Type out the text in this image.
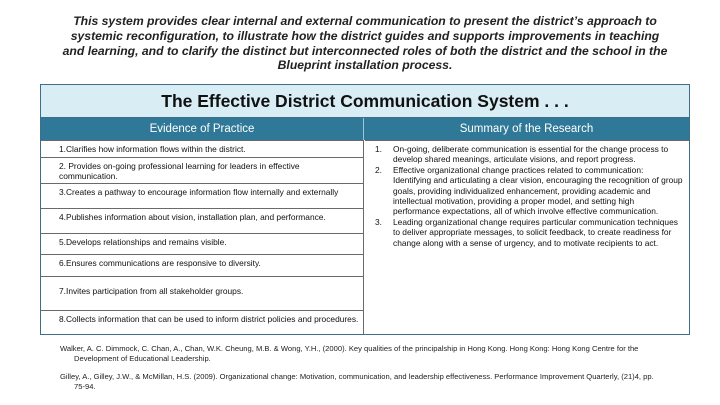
This system provides clear internal and external communication to present the district’s approach to systemic reconfiguration, to illustrate how the district guides and supports improvements in teaching and learning, and to clarify the distinct but interconnected roles of both the district and the school in the Blueprint installation process.
The Effective District Communication System . . .
Evidence of Practice	Summary of the Research
1.Clarifies how information flows within the district.
2. Provides on-going professional learning for leaders in effective communication.
3.Creates a pathway to encourage information flow internally and externally
4.Publishes information about vision, installation plan, and performance.
5.Develops relationships and remains visible.
6.Ensures communications are responsive to diversity.
7.Invites participation from all stakeholder groups.
8.Collects information that can be used to inform district policies and procedures.
1. On-going, deliberate communication is essential for the change process to develop shared meanings, articulate visions, and report progress.
2. Effective organizational change practices related to communication: Identifying and articulating a clear vision, encouraging the recognition of group goals, providing individualized enhancement, providing academic and intellectual motivation, providing a proper model, and setting high performance expectations, all of which involve effective communication.
3. Leading organizational change requires particular communication techniques to deliver appropriate messages, to solicit feedback, to create readiness for change along with a sense of urgency, and to motivate recipients to act.
Walker, A. C. Dimmock, C. Chan, A., Chan, W.K. Cheung, M.B. & Wong, Y.H., (2000). Key qualities of the principalship in Hong Kong. Hong Kong: Hong Kong Centre for the Development of Educational Leadership.
Gilley, A., Gilley, J.W., & McMillan, H.S. (2009). Organizational change: Motivation, communication, and leadership effectiveness. Performance Improvement Quarterly, (21)4, pp. 75-94.
